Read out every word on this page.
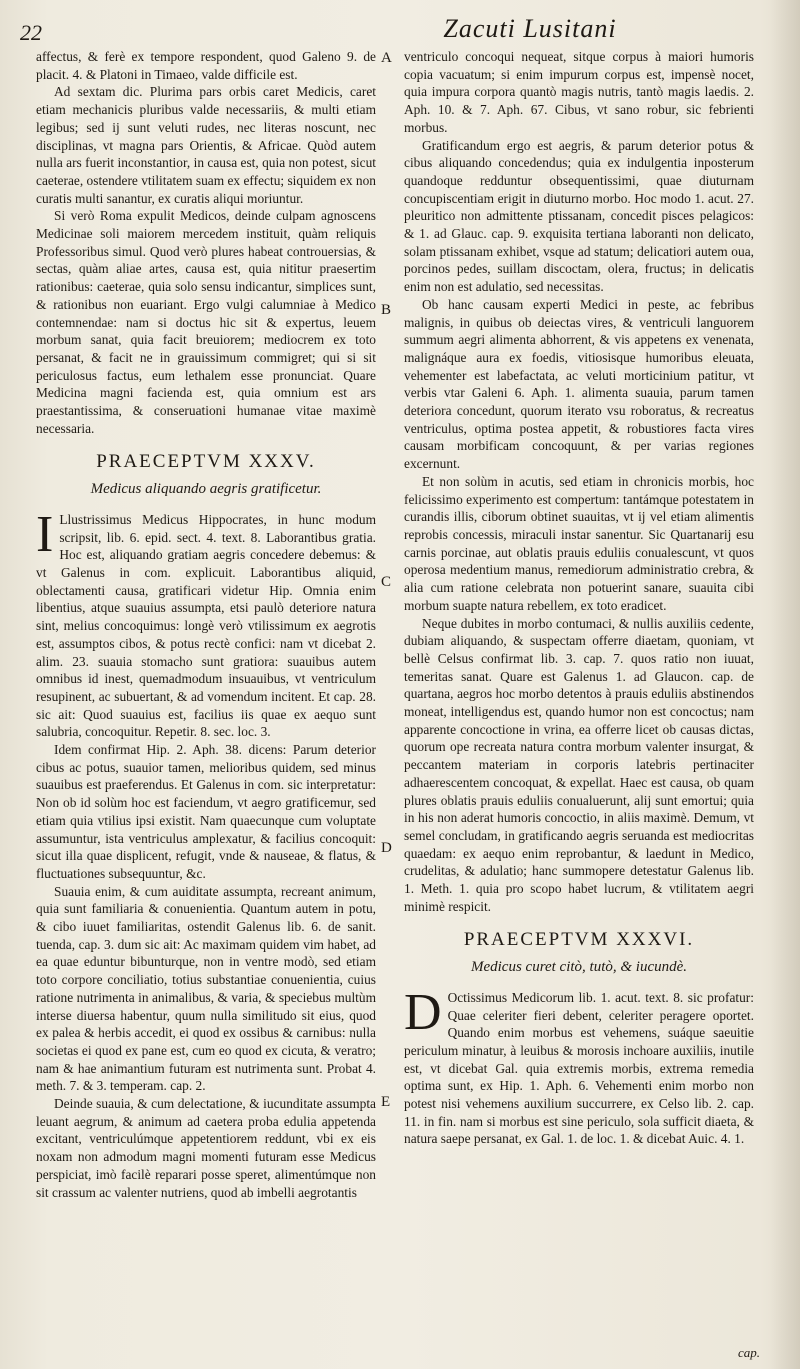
22	Zacuti Lusitani
A
B
C
D
E

affectus, & ferè ex tempore respondent, quod Galeno 9. de placit. 4. & Platoni in Timaeo, valde difficile est.

Ad sextam dic. Plurima pars orbis caret Medicis, caret etiam mechanicis pluribus valde necessariis, & multi etiam legibus; sed ij sunt veluti rudes, nec literas noscunt, nec disciplinas, vt magna pars Orientis, & Africae. Quòd autem nulla ars fuerit inconstantior, in causa est, quia non potest, sicut caeterae, ostendere vtilitatem suam ex effectu; siquidem ex non curatis multi sanantur, ex curatis aliqui moriuntur.

Si verò Roma expulit Medicos, deinde culpam agnoscens Medicinae soli maiorem mercedem instituit, quàm reliquis Professoribus simul. Quod verò plures habeat controuersias, & sectas, quàm aliae artes, causa est, quia nititur praesertim rationibus: caeterae, quia solo sensu indicantur, simplices sunt, & rationibus non euariant. Ergo vulgi calumniae à Medico contemnendae: nam si doctus hic sit & expertus, leuem morbum sanat, quia facit breuiorem; mediocrem ex toto persanat, & facit ne in grauissimum commigret; qui si sit periculosus factus, eum lethalem esse pronunciat. Quare Medicina magni facienda est, quia omnium est ars praestantissima, & conseruationi humanae vitae maximè necessaria.

PRAECEPTVM XXXV.
Medicus aliquando aegris gratificetur.

I Llustrissimus Medicus Hippocrates, in hunc modum scripsit, lib. 6. epid. sect. 4. text. 8. Laborantibus gratia. Hoc est, aliquando gratiam aegris concedere debemus: & vt Galenus in com. explicuit. Laborantibus aliquid, oblectamenti causa, gratificari videtur Hip. Omnia enim libentius, atque suauius assumpta, etsi paulò deteriore natura sint, melius concoquimus: longè verò vtilissimum ex aegrotis est, assumptos cibos, & potus rectè confici: nam vt dicebat 2. alim. 23. suauia stomacho sunt gratiora: suauibus autem omnibus id inest, quemadmodum insuauibus, vt ventriculum resupinent, ac subuertant, & ad vomendum incitent. Et cap. 28. sic ait: Quod suauius est, facilius iis quae ex aequo sunt salubria, concoquitur. Repetir. 8. sec. loc. 3.

Idem confirmat Hip. 2. Aph. 38. dicens: Parum deterior cibus ac potus, suauior tamen, melioribus quidem, sed minus suauibus est praeferendus. Et Galenus in com. sic interpretatur: Non ob id solùm hoc est faciendum, vt aegro gratificemur, sed etiam quia vtilius ipsi existit. Nam quaecunque cum voluptate assumuntur, ista ventriculus amplexatur, & facilius concoquit: sicut illa quae displicent, refugit, vnde & nauseae, & flatus, & fluctuationes subsequuntur, &c.

Suauia enim, & cum auiditate assumpta, recreant animum, quia sunt familiaria & conuenientia. Quantum autem in potu, & cibo iuuet familiaritas, ostendit Galenus lib. 6. de sanit. tuenda, cap. 3. dum sic ait: Ac maximam quidem vim habet, ad ea quae eduntur bibunturque, non in ventre modò, sed etiam toto corpore conciliatio, totius substantiae conuenientia, cuius ratione nutrimenta in animalibus, & varia, & speciebus multùm interse diuersa habentur, quum nulla similitudo sit eius, quod ex palea & herbis accedit, ei quod ex ossibus & carnibus: nulla societas ei quod ex pane est, cum eo quod ex cicuta, & veratro; nam & hae animantium futuram est nutrimenta sunt. Probat 4. meth. 7. & 3. temperam. cap. 2.

Deinde suauia, & cum delectatione, & iucunditate assumpta leuant aegrum, & animum ad caetera proba edulia appetenda excitant, ventriculúmque appetentiorem reddunt, vbi ex eis noxam non admodum magni momenti futuram esse Medicus perspiciat, imò facilè reparari posse speret, alimentúmque non sit crassum ac valenter nutriens, quod ab imbelli aegrotantis

ventriculo concoqui nequeat, sitque corpus à maiori humoris copia vacuatum; si enim impurum corpus est, impensè nocet, quia impura corpora quantò magis nutris, tantò magis laedis. 2. Aph. 10. & 7. Aph. 67. Cibus, vt sano robur, sic febrienti morbus.

Gratificandum ergo est aegris, & parum deterior potus & cibus aliquando concedendus; quia ex indulgentia inposterum quandoque redduntur obsequentissimi, quae diuturnam concupiscentiam erigit in diuturno morbo. Hoc modo 1. acut. 27. pleuritico non admittente ptissanam, concedit pisces pelagicos: & 1. ad Glauc. cap. 9. exquisita tertiana laboranti non delicato, solam ptissanam exhibet, vsque ad statum; delicatiori autem oua, porcinos pedes, suillam discoctam, olera, fructus; in delicatis enim non est adulatio, sed necessitas.

Ob hanc causam experti Medici in peste, ac febribus malignis, in quibus ob deiectas vires, & ventriculi languorem summum aegri alimenta abhorrent, & vis appetens ex venenata, malignáque aura ex foedis, vitiosisque humoribus eleuata, vehementer est labefactata, ac veluti morticinium patitur, vt verbis vtar Galeni 6. Aph. 1. alimenta suauia, parum tamen deteriora concedunt, quorum iterato vsu roboratus, & recreatus ventriculus, optima postea appetit, & robustiores facta vires causam morbificam concoquunt, & per varias regiones excernunt.

Et non solùm in acutis, sed etiam in chronicis morbis, hoc felicissimo experimento est compertum: tantámque potestatem in curandis illis, ciborum obtinet suauitas, vt ij vel etiam alimentis reprobis concessis, miraculi instar sanentur. Sic Quartanarij esu carnis porcinae, aut oblatis prauis eduliis conualescunt, vt quos operosa medentium manus, remediorum administratio crebra, & alia cum ratione celebrata non potuerint sanare, suauita cibi morbum suapte natura rebellem, ex toto eradicet.

Neque dubites in morbo contumaci, & nullis auxiliis cedente, dubiam aliquando, & suspectam offerre diaetam, quoniam, vt bellè Celsus confirmat lib. 3. cap. 7. quos ratio non iuuat, temeritas sanat. Quare est Galenus 1. ad Glaucon. cap. de quartana, aegros hoc morbo detentos à prauis eduliis abstinendos moneat, intelligendus est, quando humor non est concoctus; nam apparente concoctione in vrina, ea offerre licet ob causas dictas, quorum ope recreata natura contra morbum valenter insurgat, & peccantem materiam in corporis latebris pertinaciter adhaerescentem concoquat, & expellat. Haec est causa, ob quam plures oblatis prauis eduliis conualuerunt, alij sunt emortui; quia in his non aderat humoris concoctio, in aliis maximè. Demum, vt semel concludam, in gratificando aegris seruanda est mediocritas quaedam: ex aequo enim reprobantur, & laedunt in Medico, crudelitas, & adulatio; hanc summopere detestatur Galenus lib. 1. Meth. 1. quia pro scopo habet lucrum, & vtilitatem aegri minimè respicit.

PRAECEPTVM XXXVI.
Medicus curet citò, tutò, & iucundè.

D Octissimus Medicorum lib. 1. acut. text. 8. sic profatur: Quae celeriter fieri debent, celeriter peragere oportet. Quando enim morbus est vehemens, suáque saeuitie periculum minatur, à leuibus & morosis inchoare auxiliis, inutile est, vt dicebat Gal. quia extremis morbis, extrema remedia optima sunt, ex Hip. 1. Aph. 6. Vehementi enim morbo non potest nisi vehemens auxilium succurrere, ex Celso lib. 2. cap. 11. in fin. nam si morbus est sine periculo, sola sufficit diaeta, & natura saepe persanat, ex Gal. 1. de loc. 1. & dicebat Auic. 4. 1.

cap.
